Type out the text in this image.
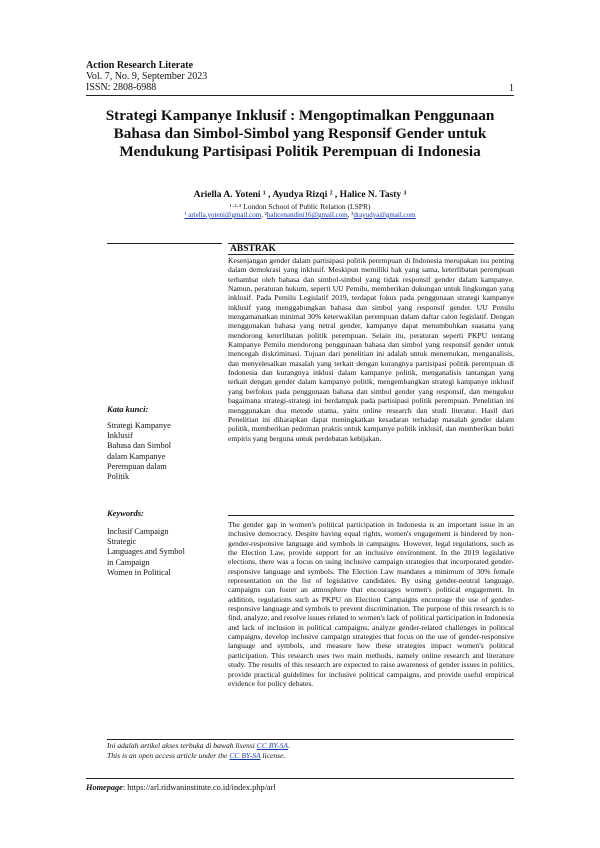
Action Research Literate
Vol. 7, No. 9, September 2023
ISSN: 2808-6988	1
Strategi Kampanye Inklusif : Mengoptimalkan Penggunaan Bahasa dan Simbol-Simbol yang Responsif Gender untuk Mendukung Partisipasi Politik Perempuan di Indonesia
Ariella A. Yoteni ¹ , Ayudya Rizqi ² , Halice N. Tasty ³
¹·²·³ London School of Public Relation (LSPR)
¹ ariella.yoteni@gmail.com, ²halicenandini16@gmail.com, ³drayudya@gmail.com
ABSTRAK
Kesenjangan gender dalam partisipasi politik perempuan di Indonesia merupakan isu penting dalam demokrasi yang inklusif. Meskipun memiliki hak yang sama, keterlibatan perempuan terhambat oleh bahasa dan simbol-simbol yang tidak responsif gender dalam kampanye. Namun, peraturan hukum, seperti UU Pemilu, memberikan dukungan untuk lingkungan yang inklusif. Pada Pemilu Legislatif 2019, terdapat fokus pada penggunaan strategi kampanye inklusif yang menggabungkan bahasa dan simbol yang responsif gender. UU Pemilu mengamanatkan minimal 30% keterwakilan perempuan dalam daftar calon legislatif. Dengan menggunakan bahasa yang netral gender, kampanye dapat menumbuhkan suasana yang mendorong keterlibatan politik perempuan. Selain itu, peraturan seperti PKPU tentang Kampanye Pemilu mendorong penggunaan bahasa dan simbol yang responsif gender untuk mencegah diskriminasi. Tujuan dari penelitian ini adalah untuk menemukan, menganalisis, dan menyelesaikan masalah yang terkait dengan kurangnya partisipasi politik perempuan di Indonesia dan kurangnya inklusi dalam kampanye politik, menganalisis tantangan yang terkait dengan gender dalam kampanye politik, mengembangkan strategi kampanye inklusif yang berfokus pada penggunaan bahasa dan simbol gender yang responsif, dan mengukur bagaimana strategi-strategi ini berdampak pada partisipasi politik perempuan. Penelitian ini menggunakan dua metode utama, yaitu online research dan studi literatur. Hasil dari Penelitian ini diharapkan dapat meningkatkan kesadaran terhadap masalah gender dalam politik, memberikan pedoman praktis untuk kampanye politik inklusif, dan memberikan bukti empiris yang berguna untuk perdebatan kebijakan.
The gender gap in women's political participation in Indonesia is an important issue in an inclusive democracy. Despite having equal rights, women's engagement is hindered by non-gender-responsive language and symbols in campaigns. However, legal regulations, such as the Election Law, provide support for an inclusive environment. In the 2019 legislative elections, there was a focus on using inclusive campaign strategies that incorporated gender-responsive language and symbols. The Election Law mandates a minimum of 30% female representation on the list of legislative candidates. By using gender-neutral language, campaigns can foster an atmosphere that encourages women's political engagement. In addition, regulations such as PKPU on Election Campaigns encourage the use of gender-responsive language and symbols to prevent discrimination. The purpose of this research is to find, analyze, and resolve issues related to women's lack of political participation in Indonesia and lack of inclusion in political campaigns, analyze gender-related challenges in political campaigns, develop inclusive campaign strategies that focus on the use of gender-responsive language and symbols, and measure how these strategies impact women's political participation. This research uses two main methods, namely online research and literature study. The results of this research are expected to raise awareness of gender issues in politics, provide practical guidelines for inclusive political campaigns, and provide useful empirical evidence for policy debates.
Kata kunci:
Strategi Kampanye
Inklusif
Bahasa dan Simbol
dalam Kampanye
Perempuan dalam
Politik
Keywords:
Inclusif Campaign
Strategic
Languages and Symbol
in Campaign
Women in Political
Ini adalah artikel akses terbuka di bawah lisensi CC BY-SA.
This is an open access article under the CC BY-SA license.
Homepage: https://arl.ridwaninstitute.co.id/index.php/arl
